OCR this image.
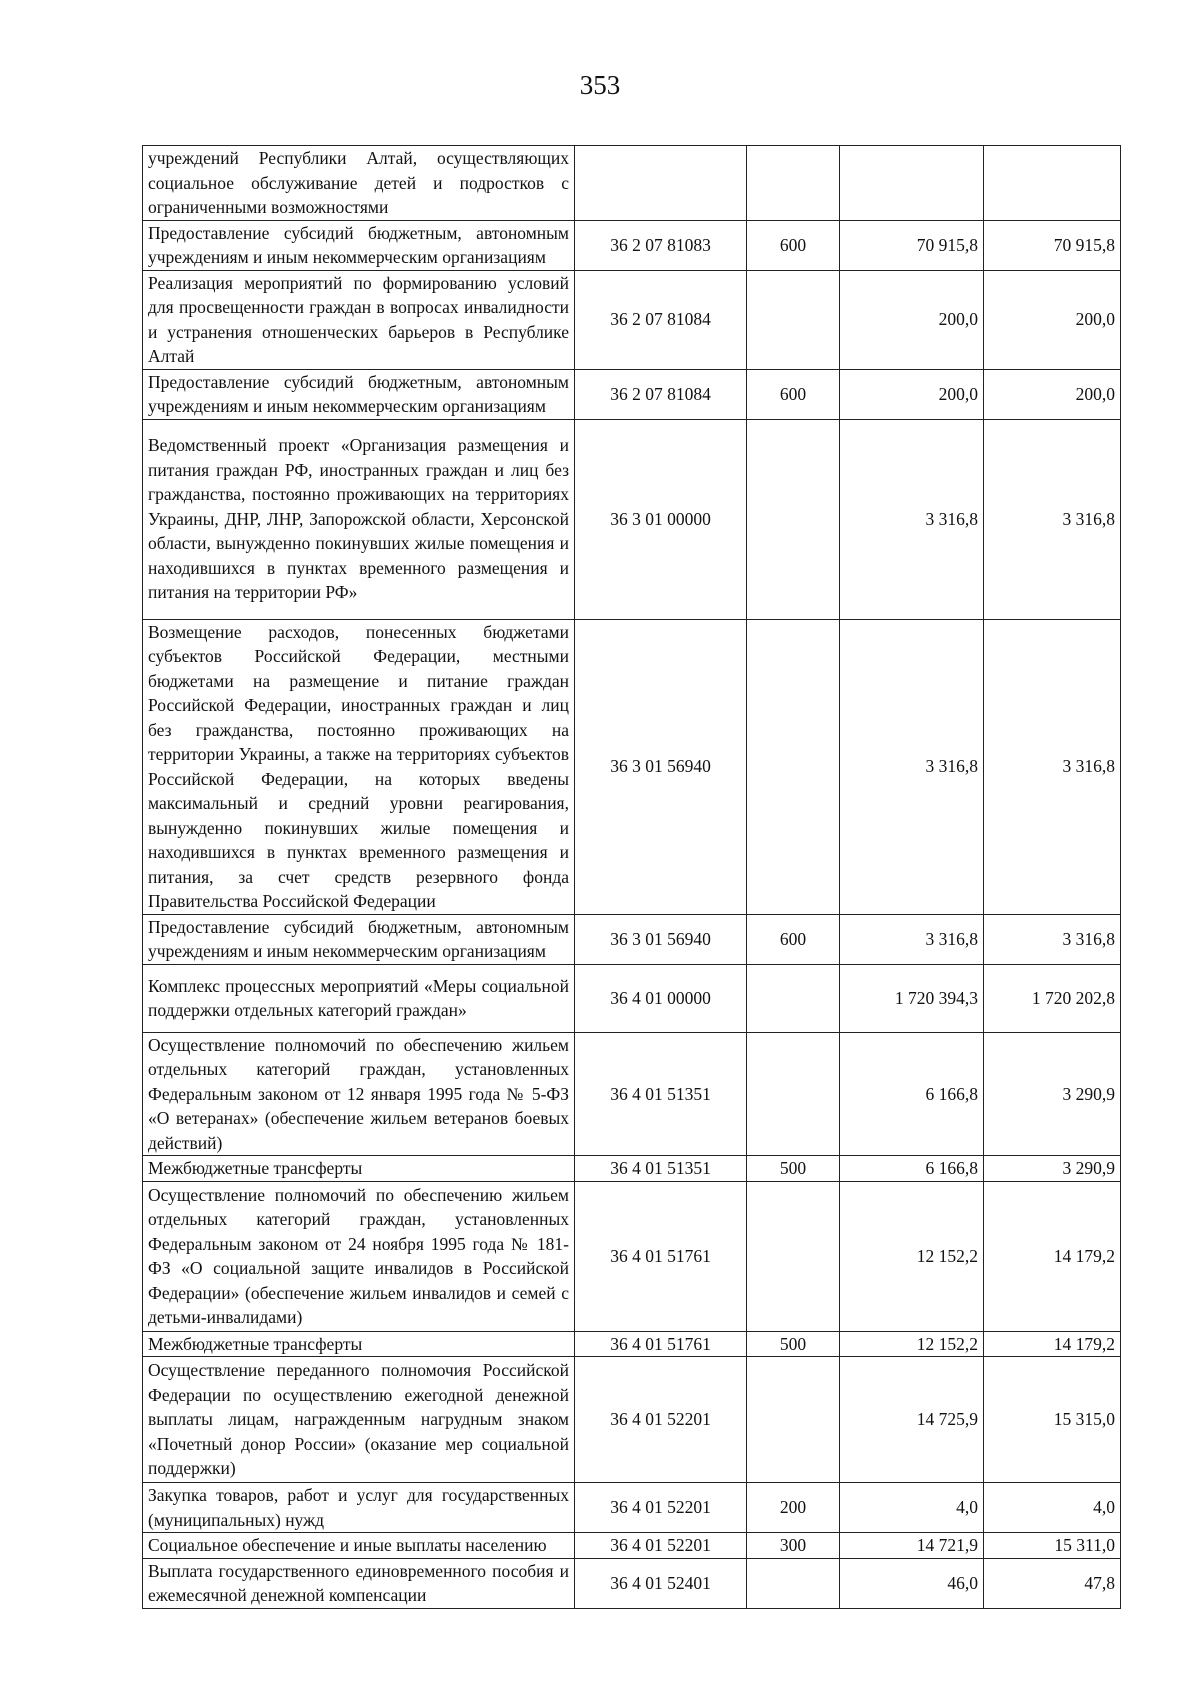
353
учреждений Республики Алтай, осуществляющих социальное обслуживание детей и подростков с ограниченными возможностями				
Предоставление субсидий бюджетным, автономным учреждениям и иным некоммерческим организациям	36 2 07 81083	600	70 915,8	70 915,8
Реализация мероприятий по формированию условий для просвещенности граждан в вопросах инвалидности и устранения отношенческих барьеров в Республике Алтай	36 2 07 81084		200,0	200,0
Предоставление субсидий бюджетным, автономным учреждениям и иным некоммерческим организациям	36 2 07 81084	600	200,0	200,0
Ведомственный проект «Организация размещения и питания граждан РФ, иностранных граждан и лиц без гражданства, постоянно проживающих на территориях Украины, ДНР, ЛНР, Запорожской области, Херсонской области, вынужденно покинувших жилые помещения и находившихся в пунктах временного размещения и питания на территории РФ»	36 3 01 00000		3 316,8	3 316,8
Возмещение расходов, понесенных бюджетами субъектов Российской Федерации, местными бюджетами на размещение и питание граждан Российской Федерации, иностранных граждан и лиц без гражданства, постоянно проживающих на территории Украины, а также на территориях субъектов Российской Федерации, на которых введены максимальный и средний уровни реагирования, вынужденно покинувших жилые помещения и находившихся в пунктах временного размещения и питания, за счет средств резервного фонда Правительства Российской Федерации	36 3 01 56940		3 316,8	3 316,8
Предоставление субсидий бюджетным, автономным учреждениям и иным некоммерческим организациям	36 3 01 56940	600	3 316,8	3 316,8
Комплекс процессных мероприятий «Меры социальной поддержки отдельных категорий граждан»	36 4 01 00000		1 720 394,3	1 720 202,8
Осуществление полномочий по обеспечению жильем отдельных категорий граждан, установленных Федеральным законом от 12 января 1995 года № 5-ФЗ «О ветеранах» (обеспечение жильем ветеранов боевых действий)	36 4 01 51351		6 166,8	3 290,9
Межбюджетные трансферты	36 4 01 51351	500	6 166,8	3 290,9
Осуществление полномочий по обеспечению жильем отдельных категорий граждан, установленных Федеральным законом от 24 ноября 1995 года № 181-ФЗ «О социальной защите инвалидов в Российской Федерации» (обеспечение жильем инвалидов и семей с детьми-инвалидами)	36 4 01 51761		12 152,2	14 179,2
Межбюджетные трансферты	36 4 01 51761	500	12 152,2	14 179,2
Осуществление переданного полномочия Российской Федерации по осуществлению ежегодной денежной выплаты лицам, награжденным нагрудным знаком «Почетный донор России» (оказание мер социальной поддержки)	36 4 01 52201		14 725,9	15 315,0
Закупка товаров, работ и услуг для государственных (муниципальных) нужд	36 4 01 52201	200	4,0	4,0
Социальное обеспечение и иные выплаты населению	36 4 01 52201	300	14 721,9	15 311,0
Выплата государственного единовременного пособия и ежемесячной денежной компенсации	36 4 01 52401		46,0	47,8
